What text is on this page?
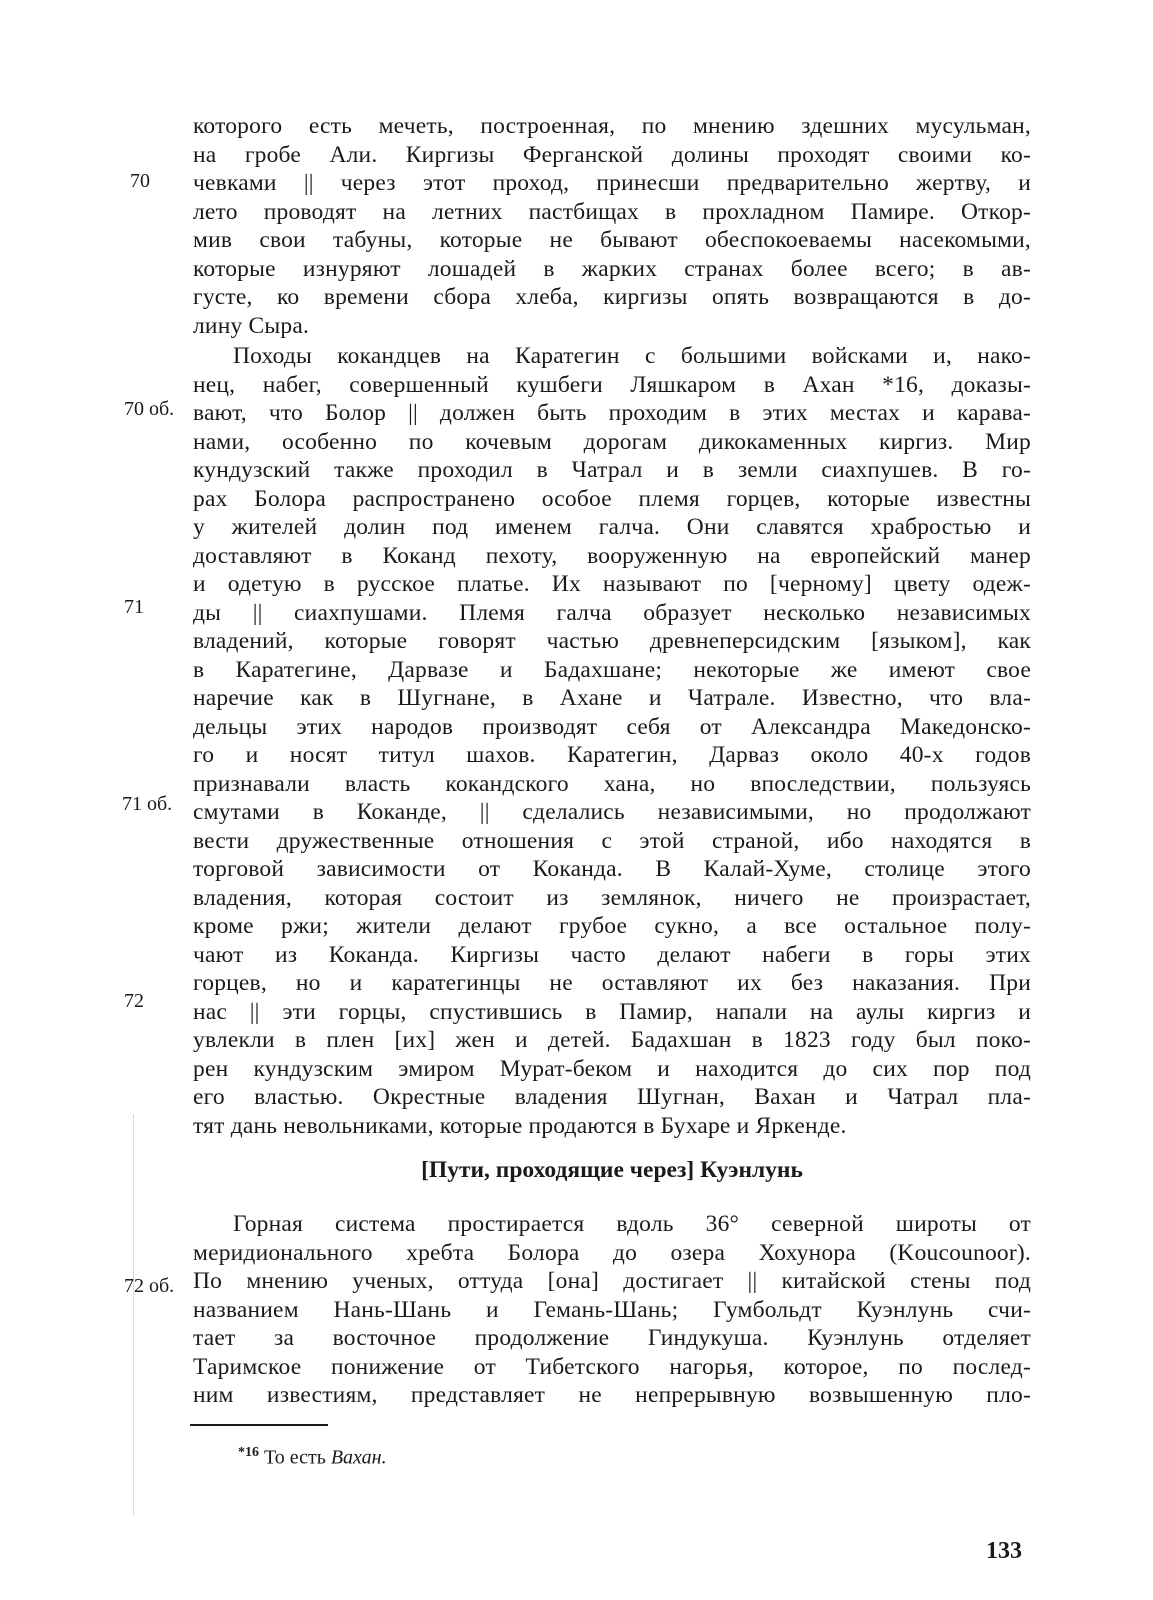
70
70 об.
71
71 об.
72
72 об.
которого есть мечеть, построенная, по мнению здешних мусульман,
на гробе Али. Киргизы Ферганской долины проходят своими ко-
чевками || через этот проход, принесши предварительно жертву, и
лето проводят на летних пастбищах в прохладном Памире. Откор-
мив свои табуны, которые не бывают обеспокоеваемы насекомыми,
которые изнуряют лошадей в жарких странах более всего; в ав-
густе, ко времени сбора хлеба, киргизы опять возвращаются в до-
лину Сыра.
Походы кокандцев на Каратегин с большими войсками и, нако-
нец, набег, совершенный кушбеги Ляшкаром в Ахан *16, доказы-
вают, что Болор || должен быть проходим в этих местах и карава-
нами, особенно по кочевым дорогам дикокаменных киргиз. Мир
кундузский также проходил в Чатрал и в земли сиахпушев. В го-
рах Болора распространено особое племя горцев, которые известны
у жителей долин под именем галча. Они славятся храбростью и
доставляют в Коканд пехоту, вооруженную на европейский манер
и одетую в русское платье. Их называют по [черному] цвету одеж-
ды || сиахпушами. Племя галча образует несколько независимых
владений, которые говорят частью древнеперсидским [языком], как
в Каратегине, Дарвазе и Бадахшане; некоторые же имеют свое
наречие как в Шугнане, в Ахане и Чатрале. Известно, что вла-
дельцы этих народов производят себя от Александра Македонско-
го и носят титул шахов. Каратегин, Дарваз около 40-х годов
признавали власть кокандского хана, но впоследствии, пользуясь
смутами в Коканде, || сделались независимыми, но продолжают
вести дружественные отношения с этой страной, ибо находятся в
торговой зависимости от Коканда. В Калай-Хуме, столице этого
владения, которая состоит из землянок, ничего не произрастает,
кроме ржи; жители делают грубое сукно, а все остальное полу-
чают из Коканда. Киргизы часто делают набеги в горы этих
горцев, но и каратегинцы не оставляют их без наказания. При
нас || эти горцы, спустившись в Памир, напали на аулы киргиз и
увлекли в плен [их] жен и детей. Бадахшан в 1823 году был поко-
рен кундузским эмиром Мурат-беком и находится до сих пор под
его властью. Окрестные владения Шугнан, Вахан и Чатрал пла-
тят дань невольниками, которые продаются в Бухаре и Яркенде.
[Пути, проходящие через] Куэнлунь
Горная система простирается вдоль 36° северной широты от
меридионального хребта Болора до озера Хохунора (Koucounoor).
По мнению ученых, оттуда [она] достигает || китайской стены под
названием Нань-Шань и Гемань-Шань; Гумбольдт Куэнлунь счи-
тает за восточное продолжение Гиндукуша. Куэнлунь отделяет
Таримское понижение от Тибетского нагорья, которое, по послед-
ним известиям, представляет не непрерывную возвышенную пло-
$^{*16}$ То есть Вахан.
133
